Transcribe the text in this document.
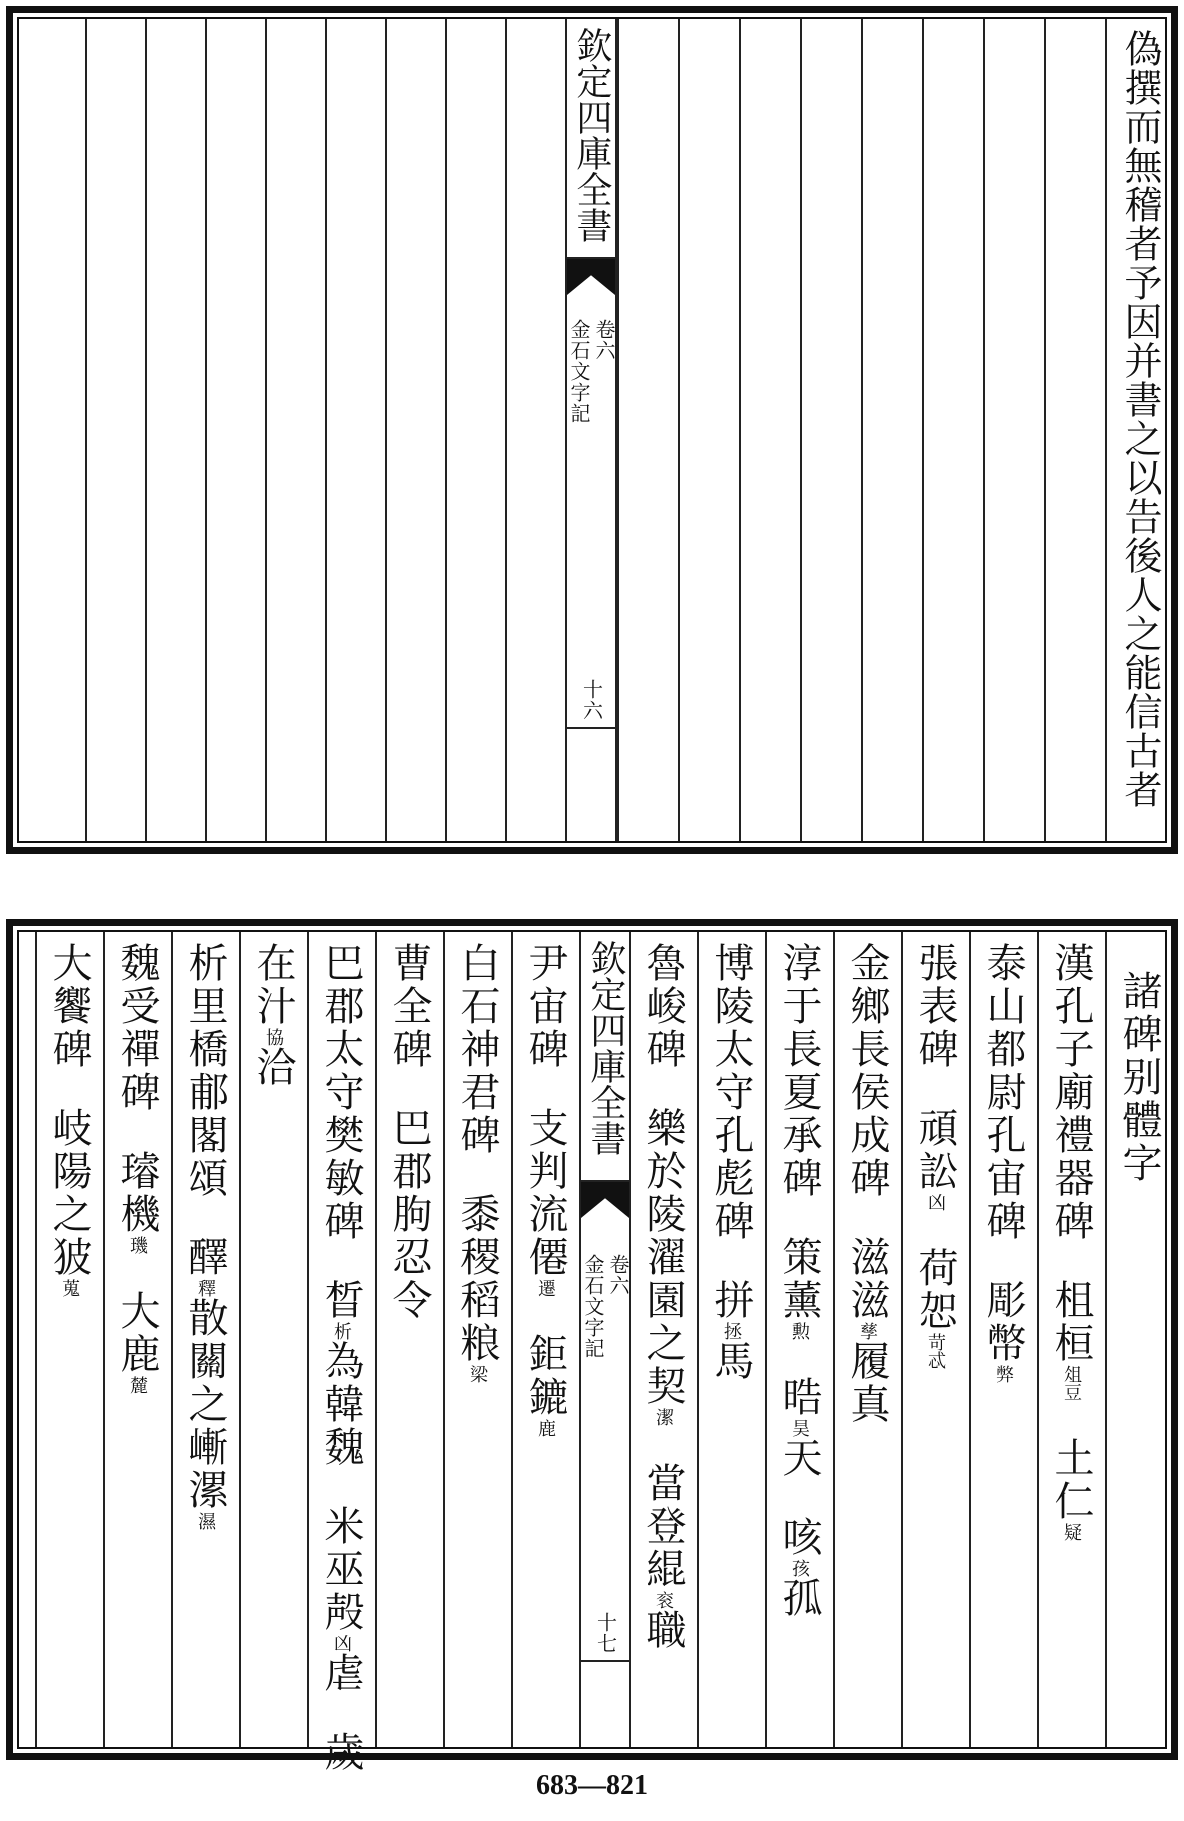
欽定四庫全書
金石文字記 卷六
十六	偽撰而無稽者予因并書之以告後人之能信古者
欽定四庫全書
金石文字記 卷六
十七
諸碑别體字
漢孔子廟禮器碑柤桓俎豆土仁疑
泰山都尉孔宙碑彫幣弊
張表碑頑訟凶荷㤎苛忒
金鄉長侯成碑滋滋孳履真
淳于長夏承碑策薰勲晧昊天咳孩孤
博陵太守孔彪碑拼拯馬
魯峻碑樂於陵濯園之契潔當登緄衮職
尹宙碑支判流僊遷鉅鏕鹿
白石神君碑黍稷稻粮梁
曹全碑巴郡朐忍令
巴郡太守樊敏碑晳析為韓魏米巫殸凶虐歲
在汁協洽
析里橋郙閣頌醳釋散關之嶃漯濕
魏受禪碑璿機璣大鹿麓
大饗碑岐陽之狓蒐
683—821
